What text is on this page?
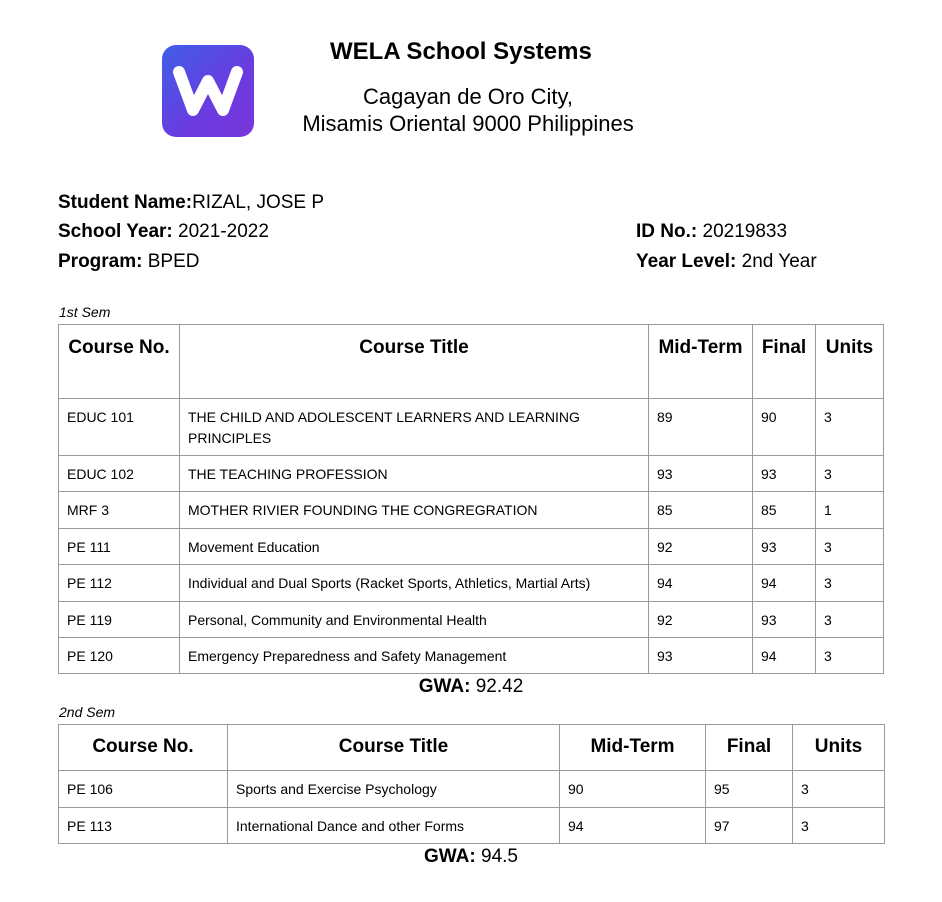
WELA School Systems
Cagayan de Oro City,
Misamis Oriental 9000 Philippines
Student Name:RIZAL, JOSE P
School Year: 2021-2022
Program: BPED
ID No.: 20219833
Year Level: 2nd Year
1st Sem
Course No.	Course Title	Mid-Term	Final	Units
EDUC 101	THE CHILD AND ADOLESCENT LEARNERS AND LEARNING PRINCIPLES	89	90	3
EDUC 102	THE TEACHING PROFESSION	93	93	3
MRF 3	MOTHER RIVIER FOUNDING THE CONGREGRATION	85	85	1
PE 111	Movement Education	92	93	3
PE 112	Individual and Dual Sports (Racket Sports, Athletics, Martial Arts)	94	94	3
PE 119	Personal, Community and Environmental Health	92	93	3
PE 120	Emergency Preparedness and Safety Management	93	94	3
GWA: 92.42
2nd Sem
Course No.	Course Title	Mid-Term	Final	Units
PE 106	Sports and Exercise Psychology	90	95	3
PE 113	International Dance and other Forms	94	97	3
GWA: 94.5
